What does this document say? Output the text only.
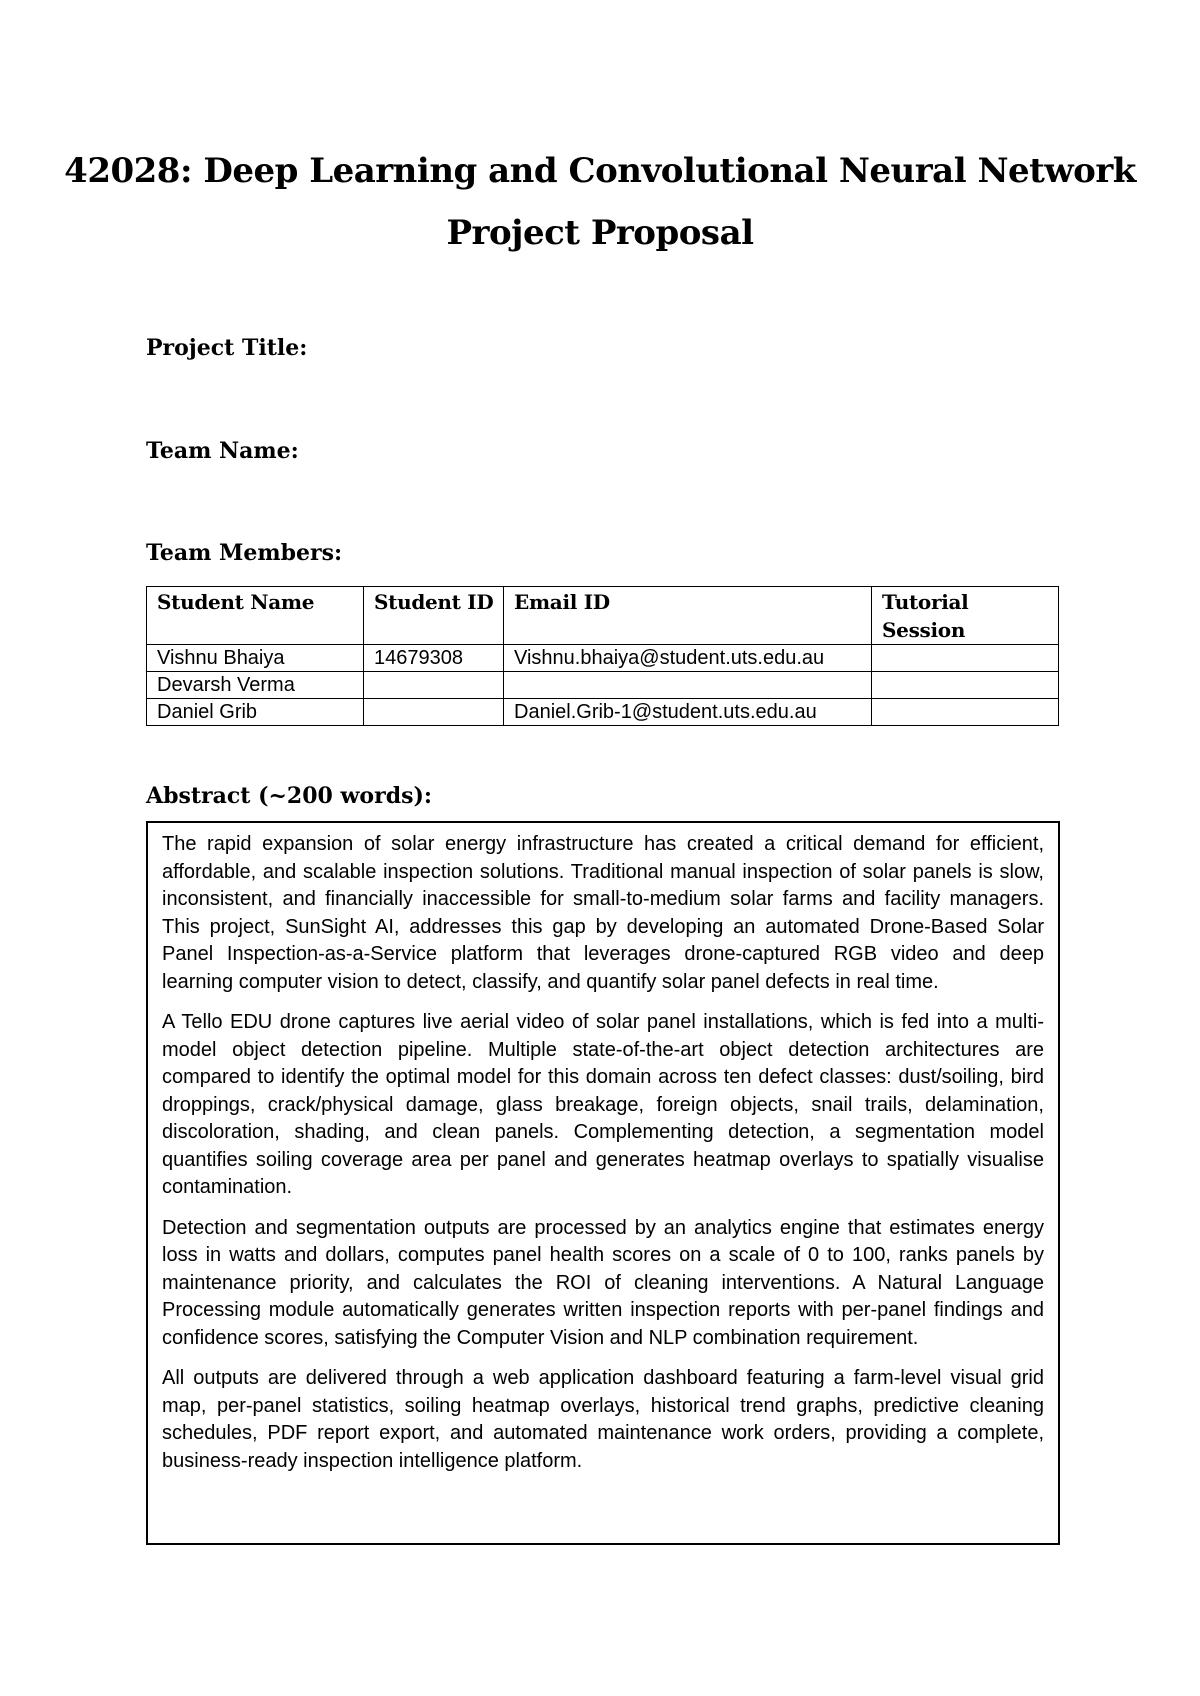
42028: Deep Learning and Convolutional Neural Network
Project Proposal
Project Title:
Team Name:
Team Members:
Student Name	Student ID	Email ID	Tutorial Session
Vishnu Bhaiya	14679308	Vishnu.bhaiya@student.uts.edu.au	
Devarsh Verma			
Daniel Grib		Daniel.Grib-1@student.uts.edu.au	
Abstract (~200 words):

The rapid expansion of solar energy infrastructure has created a critical demand for efficient, affordable, and scalable inspection solutions. Traditional manual inspection of solar panels is slow, inconsistent, and financially inaccessible for small-to-medium solar farms and facility managers. This project, SunSight AI, addresses this gap by developing an automated Drone-Based Solar Panel Inspection-as-a-Service platform that leverages drone-captured RGB video and deep learning computer vision to detect, classify, and quantify solar panel defects in real time.

A Tello EDU drone captures live aerial video of solar panel installations, which is fed into a multi-model object detection pipeline. Multiple state-of-the-art object detection architectures are compared to identify the optimal model for this domain across ten defect classes: dust/soiling, bird droppings, crack/physical damage, glass breakage, foreign objects, snail trails, delamination, discoloration, shading, and clean panels. Complementing detection, a segmentation model quantifies soiling coverage area per panel and generates heatmap overlays to spatially visualise contamination.

Detection and segmentation outputs are processed by an analytics engine that estimates energy loss in watts and dollars, computes panel health scores on a scale of 0 to 100, ranks panels by maintenance priority, and calculates the ROI of cleaning interventions. A Natural Language Processing module automatically generates written inspection reports with per-panel findings and confidence scores, satisfying the Computer Vision and NLP combination requirement.

All outputs are delivered through a web application dashboard featuring a farm-level visual grid map, per-panel statistics, soiling heatmap overlays, historical trend graphs, predictive cleaning schedules, PDF report export, and automated maintenance work orders, providing a complete, business-ready inspection intelligence platform.
